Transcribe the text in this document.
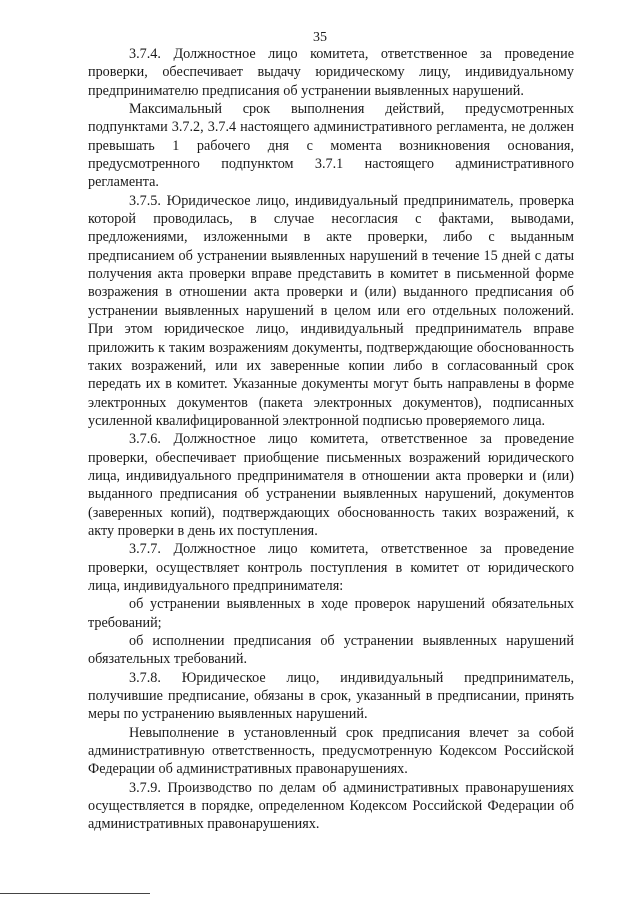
35

3.7.4. Должностное лицо комитета, ответственное за проведение проверки, обеспечивает выдачу юридическому лицу, индивидуальному предпринимателю предписания об устранении выявленных нарушений.

Максимальный срок выполнения действий, предусмотренных подпунктами 3.7.2, 3.7.4 настоящего административного регламента, не должен превышать 1 рабочего дня с момента возникновения основания, предусмотренного подпунктом 3.7.1 настоящего административного регламента.

3.7.5. Юридическое лицо, индивидуальный предприниматель, проверка которой проводилась, в случае несогласия с фактами, выводами, предложениями, изложенными в акте проверки, либо с выданным предписанием об устранении выявленных нарушений в течение 15 дней с даты получения акта проверки вправе представить в комитет в письменной форме возражения в отношении акта проверки и (или) выданного предписания об устранении выявленных нарушений в целом или его отдельных положений. При этом юридическое лицо, индивидуальный предприниматель вправе приложить к таким возражениям документы, подтверждающие обоснованность таких возражений, или их заверенные копии либо в согласованный срок передать их в комитет. Указанные документы могут быть направлены в форме электронных документов (пакета электронных документов), подписанных усиленной квалифицированной электронной подписью проверяемого лица.

3.7.6. Должностное лицо комитета, ответственное за проведение проверки, обеспечивает приобщение письменных возражений юридического лица, индивидуального предпринимателя в отношении акта проверки и (или) выданного предписания об устранении выявленных нарушений, документов (заверенных копий), подтверждающих обоснованность таких возражений, к акту проверки в день их поступления.

3.7.7. Должностное лицо комитета, ответственное за проведение проверки, осуществляет контроль поступления в комитет от юридического лица, индивидуального предпринимателя:

об устранении выявленных в ходе проверок нарушений обязательных требований;

об исполнении предписания об устранении выявленных нарушений обязательных требований.

3.7.8. Юридическое лицо, индивидуальный предприниматель, получившие предписание, обязаны в срок, указанный в предписании, принять меры по устранению выявленных нарушений.

Невыполнение в установленный срок предписания влечет за собой административную ответственность, предусмотренную Кодексом Российской Федерации об административных правонарушениях.

3.7.9. Производство по делам об административных правонарушениях осуществляется в порядке, определенном Кодексом Российской Федерации об административных правонарушениях.
